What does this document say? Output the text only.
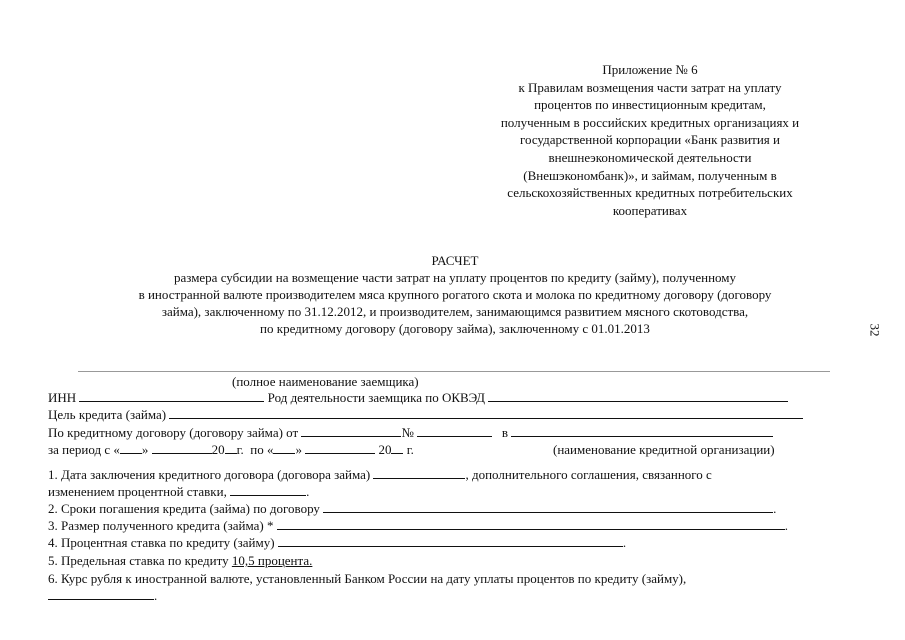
Приложение № 6
к Правилам возмещения части затрат на уплату
процентов по инвестиционным кредитам,
полученным в российских кредитных организациях и
государственной корпорации «Банк развития и
внешнеэкономической деятельности
(Внешэкономбанк)», и займам, полученным в
сельскохозяйственных кредитных потребительских
кооперативах
32
РАСЧЕТ
размера субсидии на возмещение части затрат на уплату процентов по кредиту (займу), полученному
в иностранной валюте производителем мяса крупного рогатого скота и молока по кредитному договору (договору
займа), заключенному по 31.12.2012, и производителем, занимающимся развитием мясного скотоводства,
по кредитному договору (договору займа), заключенному с 01.01.2013
(полное наименование заемщика)
ИНН	Род деятельности заемщика по ОКВЭД
Цель кредита (займа)
По кредитному договору (договору займа) от	№	в
за период с « »	20 г. по « »	20 г.	(наименование кредитной организации)
1. Дата заключения кредитного договора (договора займа)	, дополнительного соглашения, связанного с
изменением процентной ставки,	.
2. Сроки погашения кредита (займа) по договору	.
3. Размер полученного кредита (займа) *	.
4. Процентная ставка по кредиту (займу)	.
5. Предельная ставка по кредиту 10,5 процента.
6. Курс рубля к иностранной валюте, установленный Банком России на дату уплаты процентов по кредиту (займу),
.
